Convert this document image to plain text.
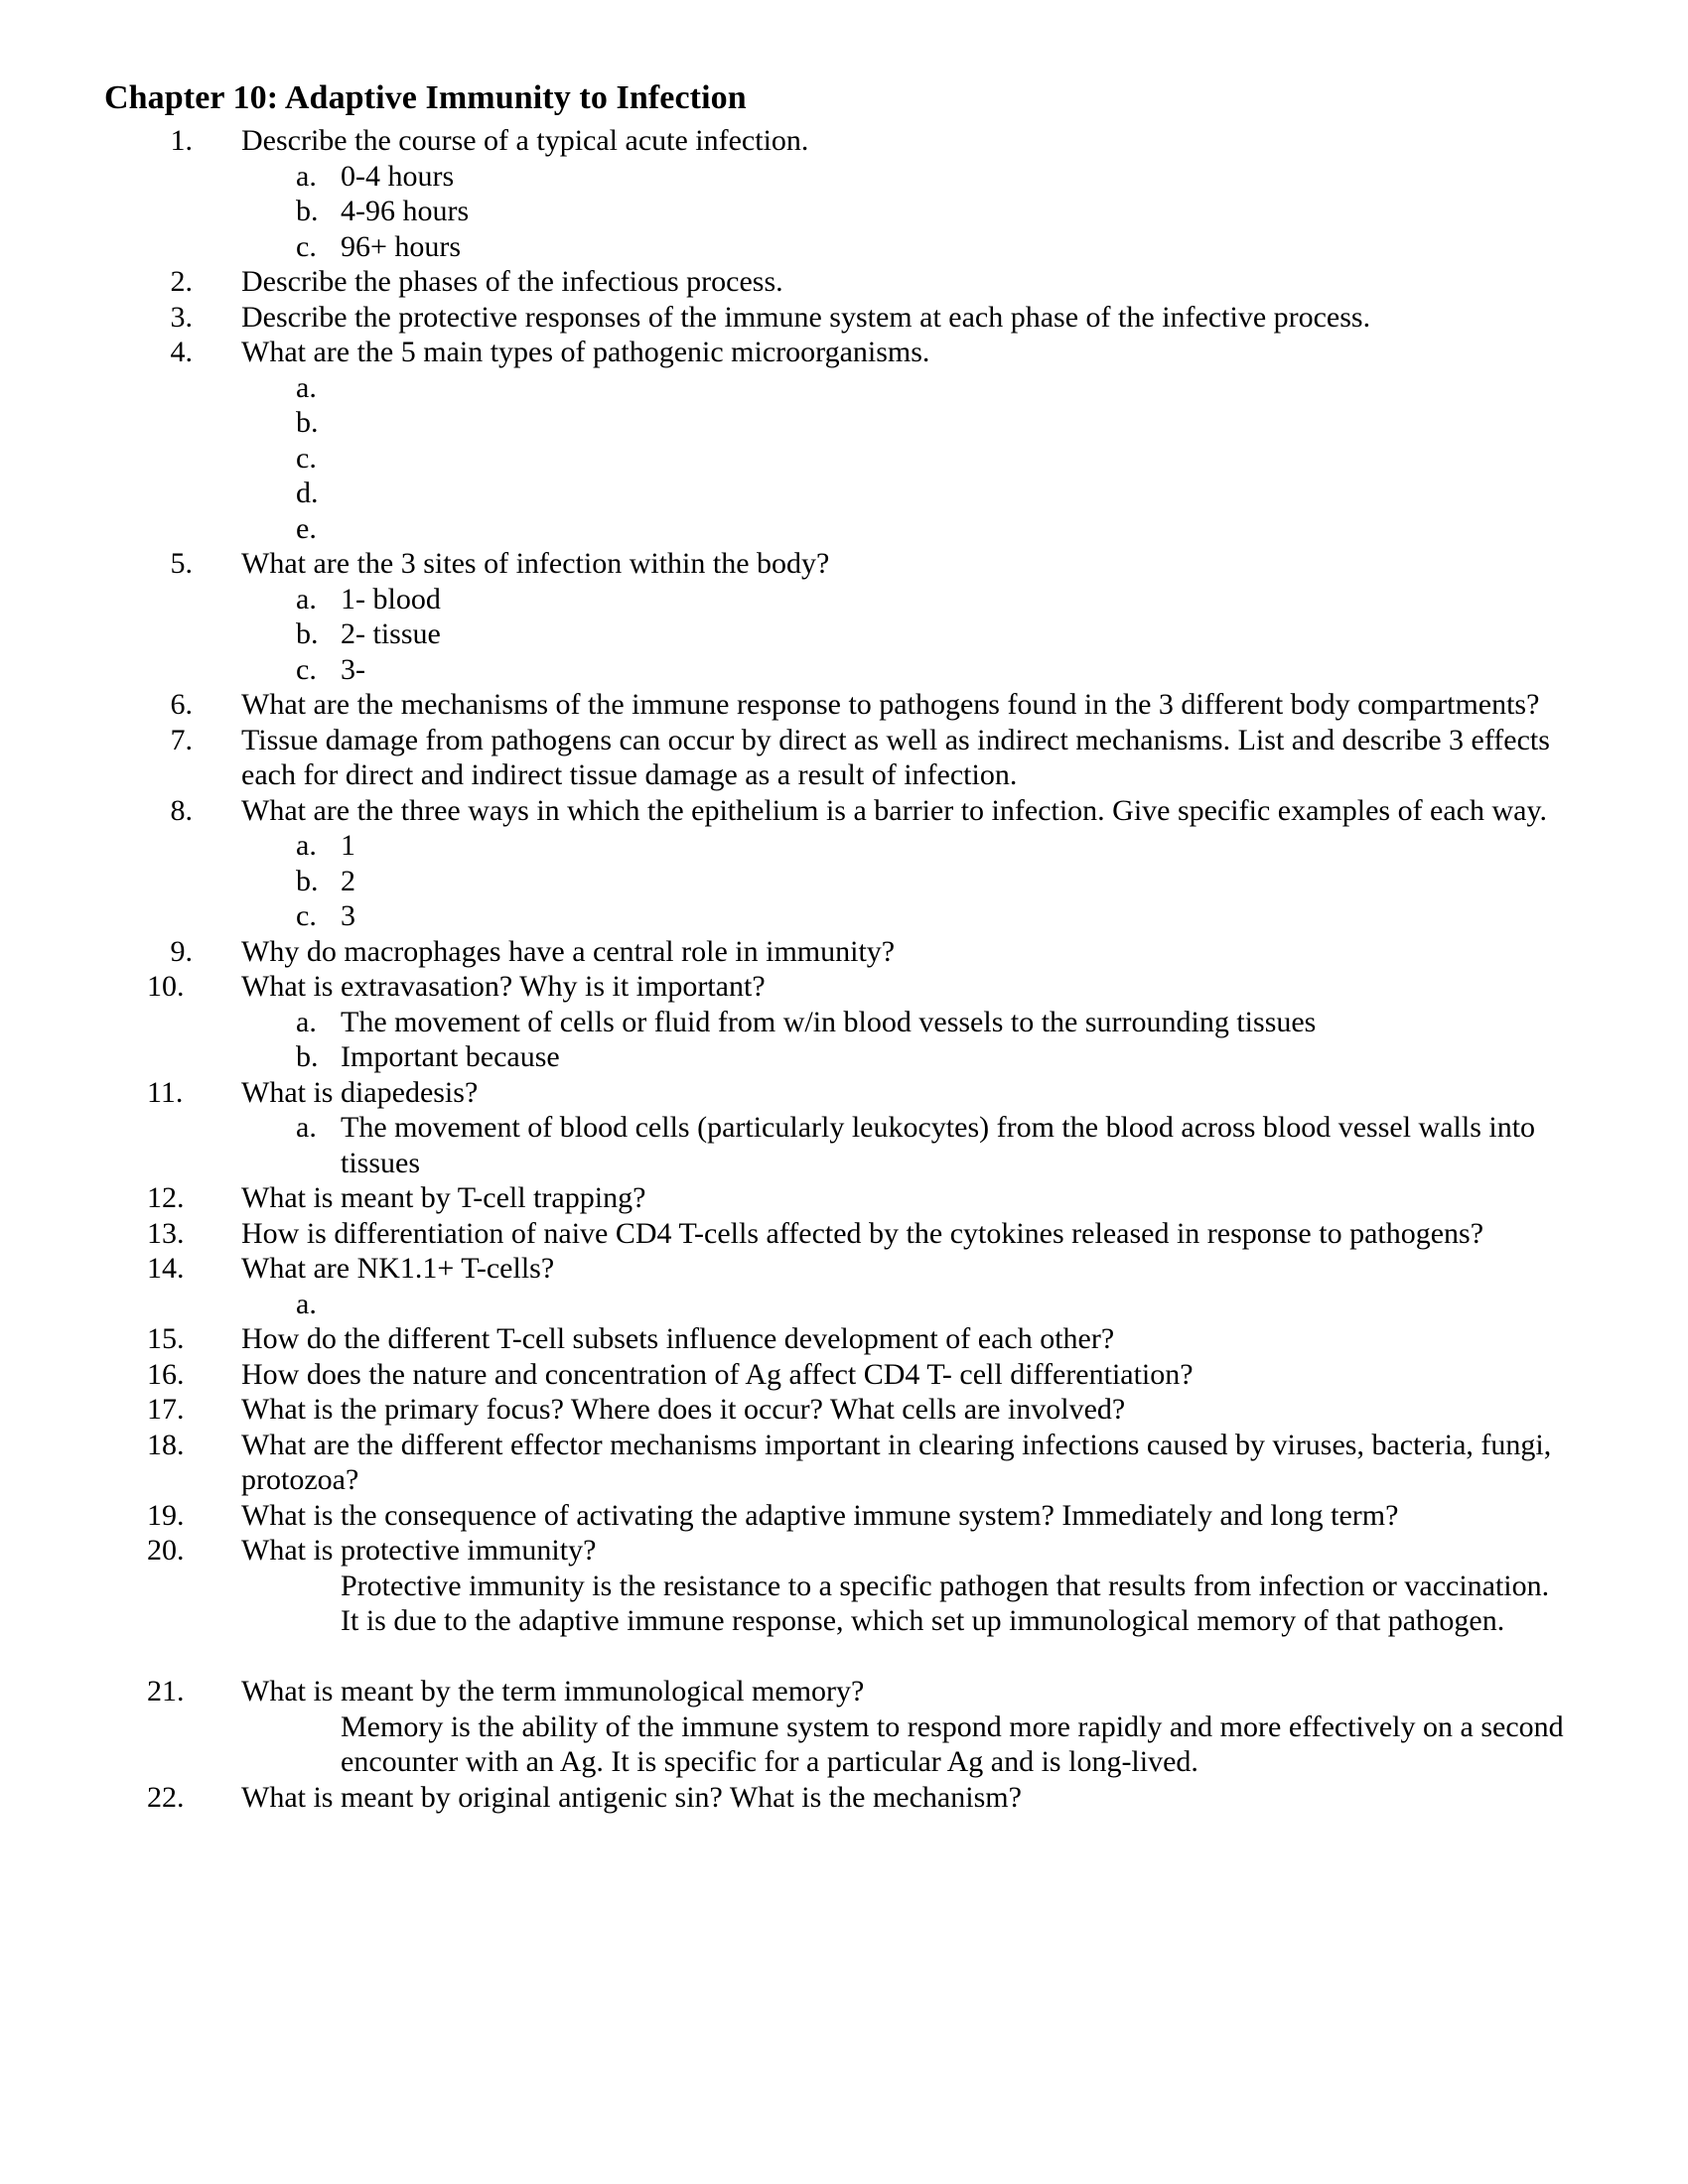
Chapter 10: Adaptive Immunity to Infection
1. Describe the course of a typical acute infection.
a. 0-4 hours
b. 4-96 hours
c. 96+ hours
2. Describe the phases of the infectious process.
3. Describe the protective responses of the immune system at each phase of the infective process.
4. What are the 5 main types of pathogenic microorganisms.
a.
b.
c.
d.
e.
5. What are the 3 sites of infection within the body?
a. 1- blood
b. 2- tissue
c. 3-
6. What are the mechanisms of the immune response to pathogens found in the 3 different body compartments?
7. Tissue damage from pathogens can occur by direct as well as indirect mechanisms. List and describe 3 effects each for direct and indirect tissue damage as a result of infection.
8. What are the three ways in which the epithelium is a barrier to infection. Give specific examples of each way.
a. 1
b. 2
c. 3
9. Why do macrophages have a central role in immunity?
10.	What is extravasation? Why is it important?
a. The movement of cells or fluid from w/in blood vessels to the surrounding tissues
b. Important because
11.	What is diapedesis?
a. The movement of blood cells (particularly leukocytes) from the blood across blood vessel walls into tissues
12.	What is meant by T-cell trapping?
13.	How is differentiation of naive CD4 T-cells affected by the cytokines released in response to pathogens?
14.	What are NK1.1+ T-cells?
a.
15.	How do the different T-cell subsets influence development of each other?
16.	How does the nature and concentration of Ag affect CD4 T- cell differentiation?
17.	What is the primary focus? Where does it occur? What cells are involved?
18.	What are the different effector mechanisms important in clearing infections caused by viruses, bacteria, fungi, protozoa?
19.	What is the consequence of activating the adaptive immune system? Immediately and long term?
20.	What is protective immunity?

Protective immunity is the resistance to a specific pathogen that results from infection or vaccination. It is due to the adaptive immune response, which set up immunological memory of that pathogen.

21.	What is meant by the term immunological memory?

Memory is the ability of the immune system to respond more rapidly and more effectively on a second encounter with an Ag. It is specific for a particular Ag and is long-lived.

22.	What is meant by original antigenic sin? What is the mechanism?
